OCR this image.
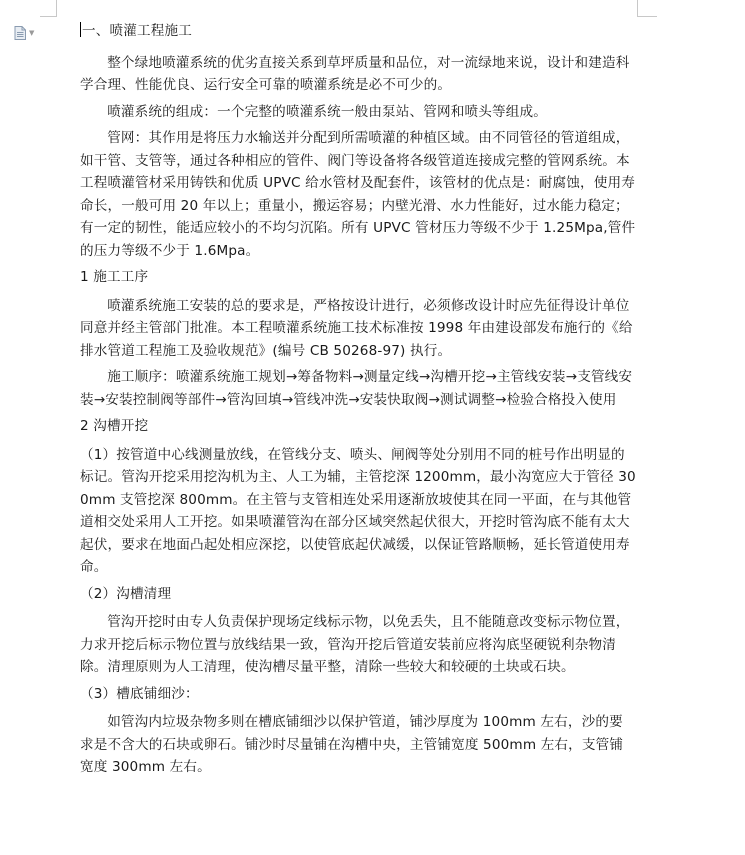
▼	一、喷灌工程施工

整个绿地喷灌系统的优劣直接关系到草坪质量和品位，对一流绿地来说，设计和建造科学合理、性能优良、运行安全可靠的喷灌系统是必不可少的。

喷灌系统的组成：一个完整的喷灌系统一般由泵站、管网和喷头等组成。

管网：其作用是将压力水输送并分配到所需喷灌的种植区域。由不同管径的管道组成，如干管、支管等，通过各种相应的管件、阀门等设备将各级管道连接成完整的管网系统。本工程喷灌管材采用铸铁和优质 UPVC 给水管材及配套件，该管材的优点是：耐腐蚀，使用寿命长，一般可用 20 年以上；重量小，搬运容易；内壁光滑、水力性能好，过水能力稳定；有一定的韧性，能适应较小的不均匀沉陷。所有 UPVC 管材压力等级不少于 1.25Mpa,管件的压力等级不少于 1.6Mpa。

1 施工工序

喷灌系统施工安装的总的要求是，严格按设计进行，必须修改设计时应先征得设计单位同意并经主管部门批准。本工程喷灌系统施工技术标准按 1998 年由建设部发布施行的《给排水管道工程施工及验收规范》(编号 CB 50268-97) 执行。

施工顺序：喷灌系统施工规划→筹备物料→测量定线→沟槽开挖→主管线安装→支管线安装→安装控制阀等部件→管沟回填→管线冲洗→安装快取阀→测试调整→检验合格投入使用

2 沟槽开挖

（1）按管道中心线测量放线，在管线分支、喷头、闸阀等处分别用不同的桩号作出明显的标记。管沟开挖采用挖沟机为主、人工为辅，主管挖深 1200mm，最小沟宽应大于管径 300mm 支管挖深 800mm。在主管与支管相连处采用逐渐放坡使其在同一平面，在与其他管道相交处采用人工开挖。如果喷灌管沟在部分区域突然起伏很大，开挖时管沟底不能有太大起伏，要求在地面凸起处相应深挖，以使管底起伏减缓，以保证管路顺畅，延长管道使用寿命。

（2）沟槽清理

管沟开挖时由专人负责保护现场定线标示物，以免丢失，且不能随意改变标示物位置，力求开挖后标示物位置与放线结果一致，管沟开挖后管道安装前应将沟底坚硬锐利杂物清除。清理原则为人工清理，使沟槽尽量平整，清除一些较大和较硬的土块或石块。

（3）槽底铺细沙：

如管沟内垃圾杂物多则在槽底铺细沙以保护管道，铺沙厚度为 100mm 左右，沙的要求是不含大的石块或卵石。铺沙时尽量铺在沟槽中央，主管铺宽度 500mm 左右，支管铺宽度 300mm 左右。
